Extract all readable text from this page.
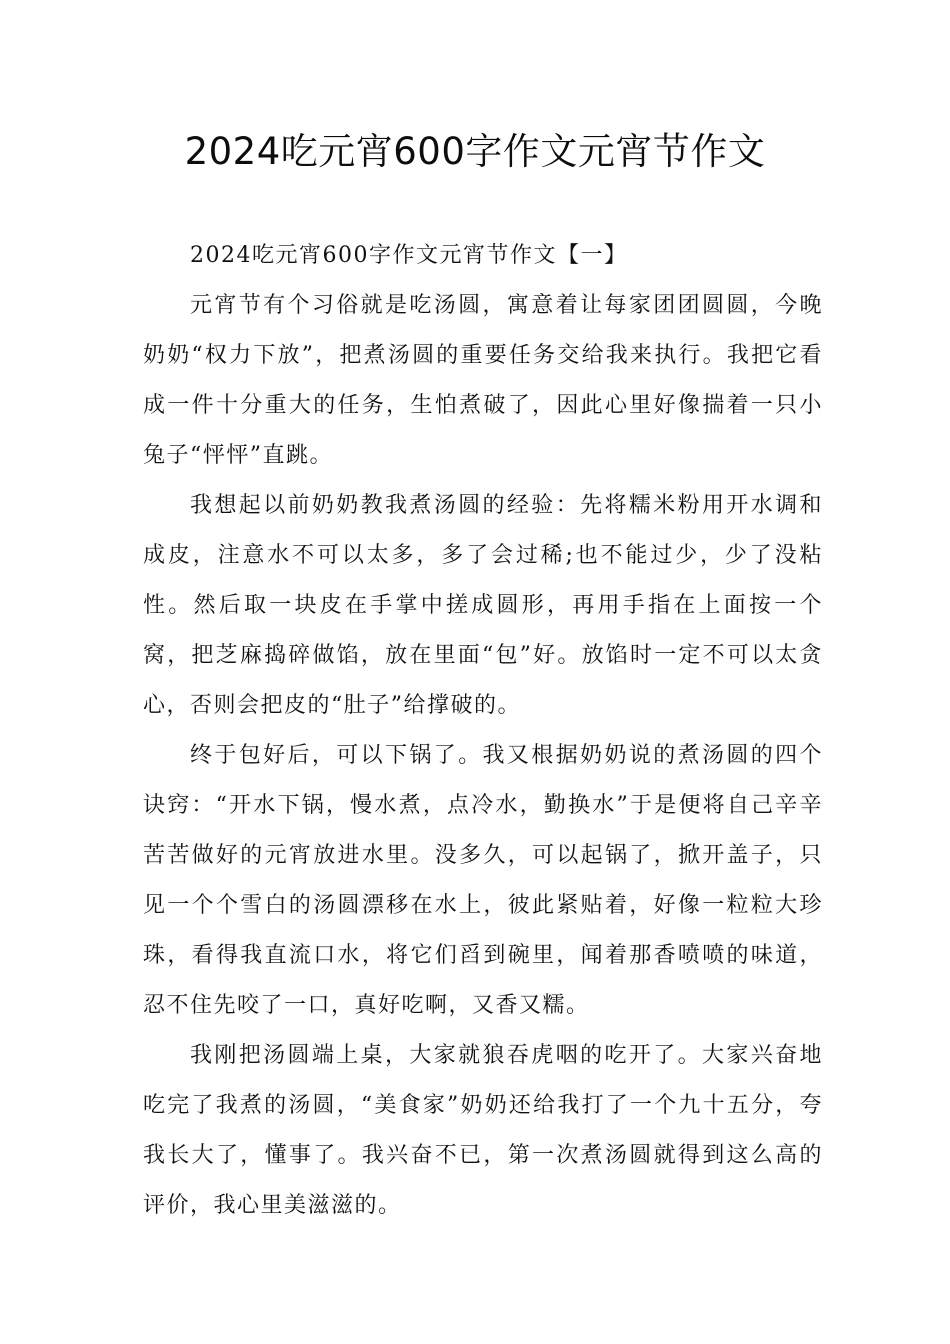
2024吃元宵600字作文元宵节作文

2024吃元宵600字作文元宵节作文【一】

元宵节有个习俗就是吃汤圆，寓意着让每家团团圆圆，今晚奶奶“权力下放”，把煮汤圆的重要任务交给我来执行。我把它看成一件十分重大的任务，生怕煮破了，因此心里好像揣着一只小兔子“怦怦”直跳。

我想起以前奶奶教我煮汤圆的经验：先将糯米粉用开水调和成皮，注意水不可以太多，多了会过稀;也不能过少，少了没粘性。然后取一块皮在手掌中搓成圆形，再用手指在上面按一个窝，把芝麻捣碎做馅，放在里面“包”好。放馅时一定不可以太贪心，否则会把皮的“肚子”给撑破的。

终于包好后，可以下锅了。我又根据奶奶说的煮汤圆的四个诀窍：“开水下锅，慢水煮，点冷水，勤换水”于是便将自己辛辛苦苦做好的元宵放进水里。没多久，可以起锅了，掀开盖子，只见一个个雪白的汤圆漂移在水上，彼此紧贴着，好像一粒粒大珍珠，看得我直流口水，将它们舀到碗里，闻着那香喷喷的味道，忍不住先咬了一口，真好吃啊，又香又糯。

我刚把汤圆端上桌，大家就狼吞虎咽的吃开了。大家兴奋地吃完了我煮的汤圆，“美食家”奶奶还给我打了一个九十五分，夸我长大了，懂事了。我兴奋不已，第一次煮汤圆就得到这么高的评价，我心里美滋滋的。
